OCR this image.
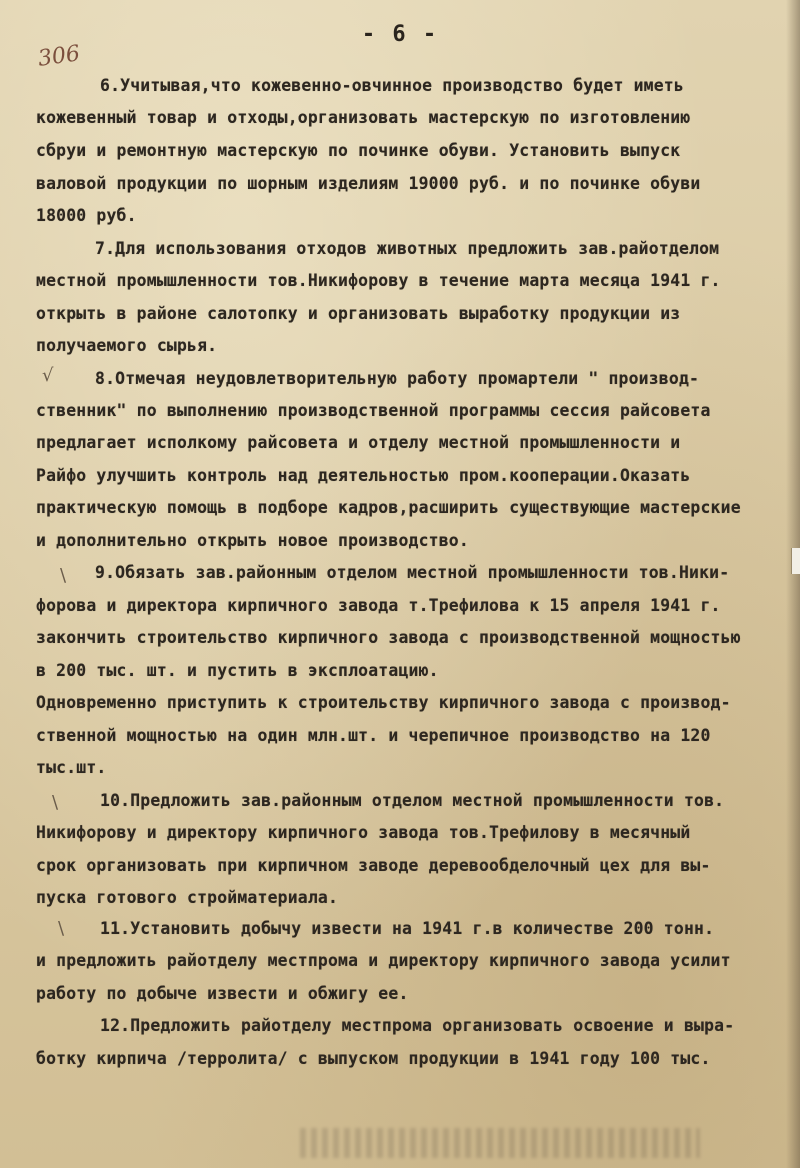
306
- 6 -
√
\
\
\
6.Учитывая,что кожевенно-овчинное производство будет иметь
кожевенный товар и отходы,организовать мастерскую по изготовлению
сбруи и ремонтную мастерскую по починке обуви. Установить выпуск
валовой продукции по шорным изделиям 19000 руб. и по починке обуви
18000 руб.
7.Для использования отходов животных предложить зав.райотделом
местной промышленности тов.Никифорову в течение марта месяца 1941 г.
открыть в районе салотопку и организовать выработку продукции из
получаемого сырья.
8.Отмечая неудовлетворительную работу промартели " производ-
ственник" по выполнению производственной программы сессия райсовета
предлагает исполкому райсовета и отделу местной промышленности и
Райфо улучшить контроль над деятельностью пром.кооперации.Оказать
практическую помощь в подборе кадров,расширить существующие мастерские
и дополнительно открыть новое производство.
9.Обязать зав.районным отделом местной промышленности тов.Ники-
форова и директора кирпичного завода т.Трефилова к 15 апреля 1941 г.
закончить строительство кирпичного завода с производственной мощностью
в 200 тыс. шт. и пустить в эксплоатацию.
Одновременно приступить к строительству кирпичного завода с производ-
ственной мощностью на один млн.шт. и черепичное производство на 120
тыс.шт.
10.Предложить зав.районным отделом местной промышленности тов.
Никифорову и директору кирпичного завода тов.Трефилову в месячный
срок организовать при кирпичном заводе деревообделочный цех для вы-
пуска готового стройматериала.
11.Установить добычу извести на 1941 г.в количестве 200 тонн.
и предложить райотделу местпрома и директору кирпичного завода усилит
работу по добыче извести и обжигу ее.
12.Предложить райотделу местпрома организовать освоение и выра-
ботку кирпича /терролита/ с выпуском продукции в 1941 году 100 тыс.
